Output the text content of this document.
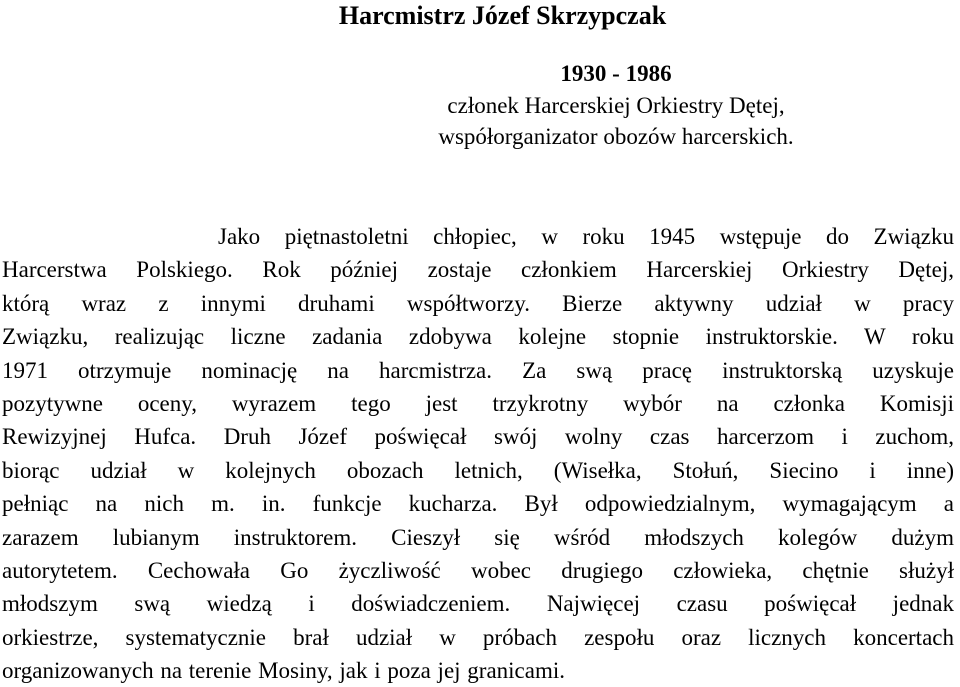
Harcmistrz Józef Skrzypczak
1930 - 1986
członek Harcerskiej Orkiestry Dętej,
współorganizator obozów harcerskich.
Jako piętnastoletni chłopiec, w roku 1945 wstępuje do Związku
Harcerstwa Polskiego. Rok później zostaje członkiem Harcerskiej Orkiestry Dętej,
którą wraz z innymi druhami współtworzy. Bierze aktywny udział w pracy
Związku, realizując liczne zadania zdobywa kolejne stopnie instruktorskie. W roku
1971 otrzymuje nominację na harcmistrza. Za swą pracę instruktorską uzyskuje
pozytywne oceny, wyrazem tego jest trzykrotny wybór na członka Komisji
Rewizyjnej Hufca. Druh Józef poświęcał swój wolny czas harcerzom i zuchom,
biorąc udział w kolejnych obozach letnich, (Wisełka, Stołuń, Siecino i inne)
pełniąc na nich m. in. funkcje kucharza. Był odpowiedzialnym, wymagającym a
zarazem lubianym instruktorem. Cieszył się wśród młodszych kolegów dużym
autorytetem. Cechowała Go życzliwość wobec drugiego człowieka, chętnie służył
młodszym swą wiedzą i doświadczeniem. Najwięcej czasu poświęcał jednak
orkiestrze, systematycznie brał udział w próbach zespołu oraz licznych koncertach
organizowanych na terenie Mosiny, jak i poza jej granicami.
